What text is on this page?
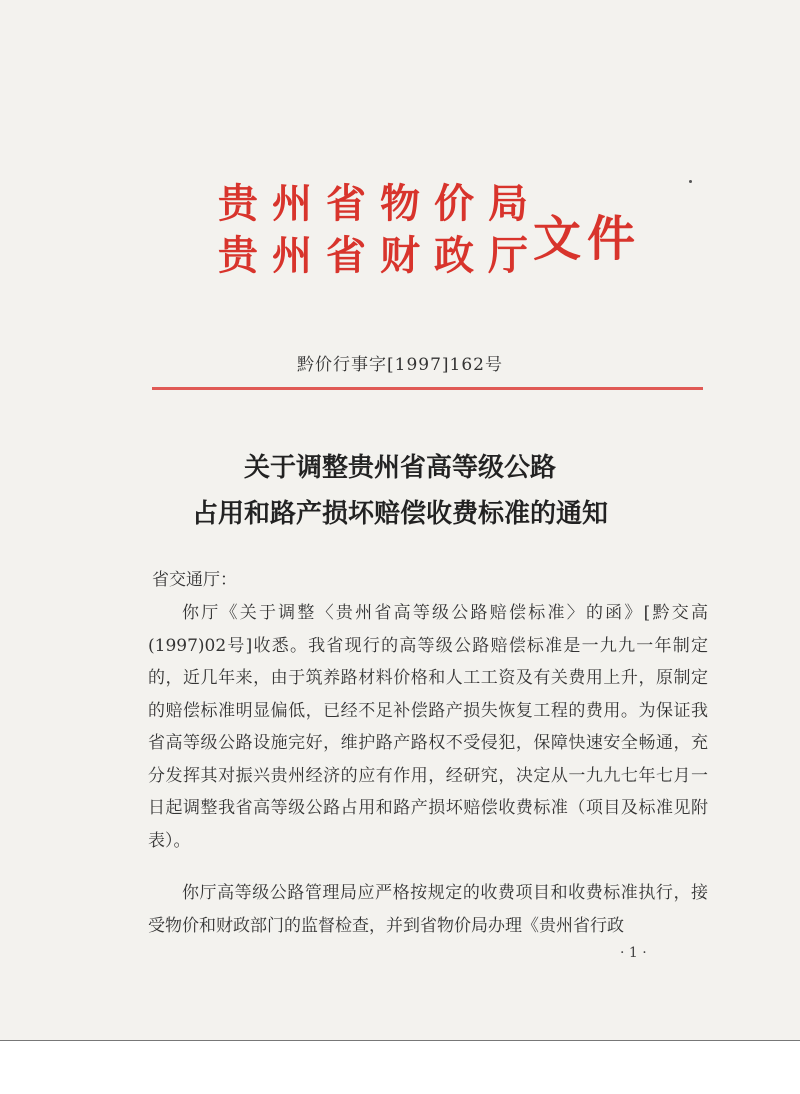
贵州省物价局
贵州省财政厅
文件
黔价行事字[1997]162号
关于调整贵州省高等级公路
占用和路产损坏赔偿收费标准的通知
省交通厅：
你厅《关于调整〈贵州省高等级公路赔偿标准〉的函》[黔交高(1997)02号]收悉。我省现行的高等级公路赔偿标准是一九九一年制定的，近几年来，由于筑养路材料价格和人工工资及有关费用上升，原制定的赔偿标准明显偏低，已经不足补偿路产损失恢复工程的费用。为保证我省高等级公路设施完好，维护路产路权不受侵犯，保障快速安全畅通，充分发挥其对振兴贵州经济的应有作用，经研究，决定从一九九七年七月一日起调整我省高等级公路占用和路产损坏赔偿收费标准（项目及标准见附表）。
你厅高等级公路管理局应严格按规定的收费项目和收费标准执行，接受物价和财政部门的监督检查，并到省物价局办理《贵州省行政
· 1 ·
